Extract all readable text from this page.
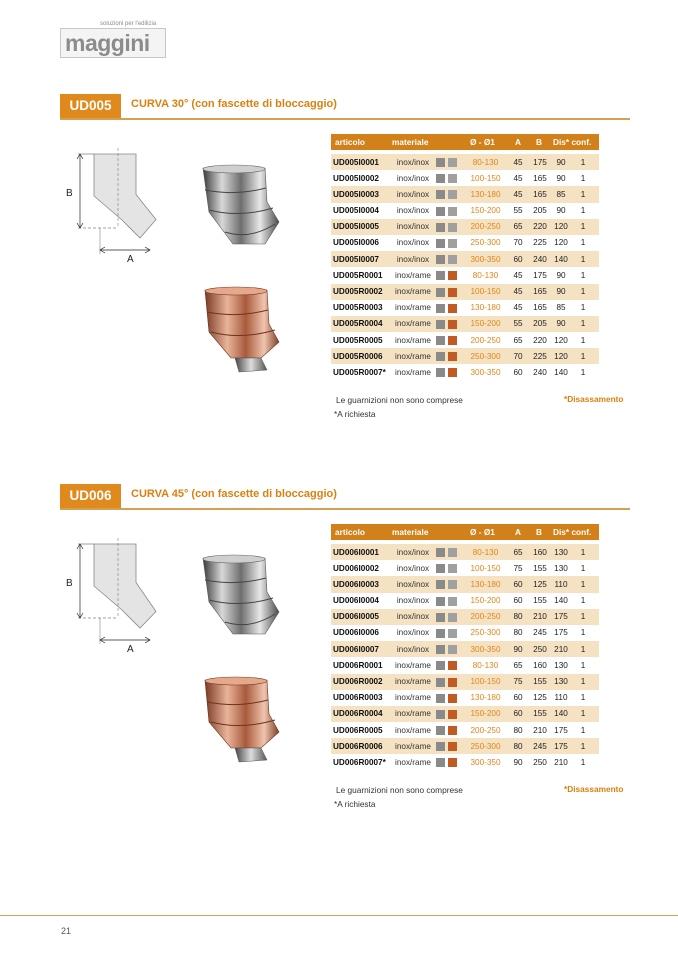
soluzioni per l'edilizia
maggini
UD005	CURVA 30° (con fascette di bloccaggio)
B
A
articolo	materiale	Ø - Ø1 A B Dis* conf.
UD005I0001	inox/inox	80-130	45 175	90	1
UD005I0002	inox/inox	100-150	45 165	90	1
UD005I0003	inox/inox	130-180	45 165	85	1
UD005I0004	inox/inox	150-200	55 205	90	1
UD005I0005	inox/inox	200-250	65 220 120	1
UD005I0006	inox/inox	250-300	70 225 120	1
UD005I0007	inox/inox	300-350	60 240 140	1
UD005R0001 inox/rame	80-130	45 175	90	1
UD005R0002 inox/rame	100-150	45 165	90	1
UD005R0003 inox/rame	130-180	45 165	85	1
UD005R0004 inox/rame	150-200	55 205	90	1
UD005R0005 inox/rame	200-250	65 220 120	1
UD005R0006 inox/rame	250-300	70 225 120	1
UD005R0007* inox/rame	300-350	60 240 140	1
Le guarnizioni non sono comprese
*A richiesta
*Disassamento
UD006	CURVA 45° (con fascette di bloccaggio)
B
A
articolo	materiale	Ø - Ø1 A B Dis* conf.
UD006I0001	inox/inox	80-130	65 160 130	1
UD006I0002	inox/inox	100-150	75 155 130	1
UD006I0003	inox/inox	130-180	60 125 110	1
UD006I0004	inox/inox	150-200	60 155 140	1
UD006I0005	inox/inox	200-250	80 210 175	1
UD006I0006	inox/inox	250-300	80 245 175	1
UD006I0007	inox/inox	300-350	90 250 210	1
UD006R0001 inox/rame	80-130	65 160 130	1
UD006R0002 inox/rame	100-150	75 155 130	1
UD006R0003 inox/rame	130-180	60 125 110	1
UD006R0004 inox/rame	150-200	60 155 140	1
UD006R0005 inox/rame	200-250	80 210 175	1
UD006R0006 inox/rame	250-300	80 245 175	1
UD006R0007* inox/rame	300-350	90 250 210	1
Le guarnizioni non sono comprese
*A richiesta
*Disassamento
21
